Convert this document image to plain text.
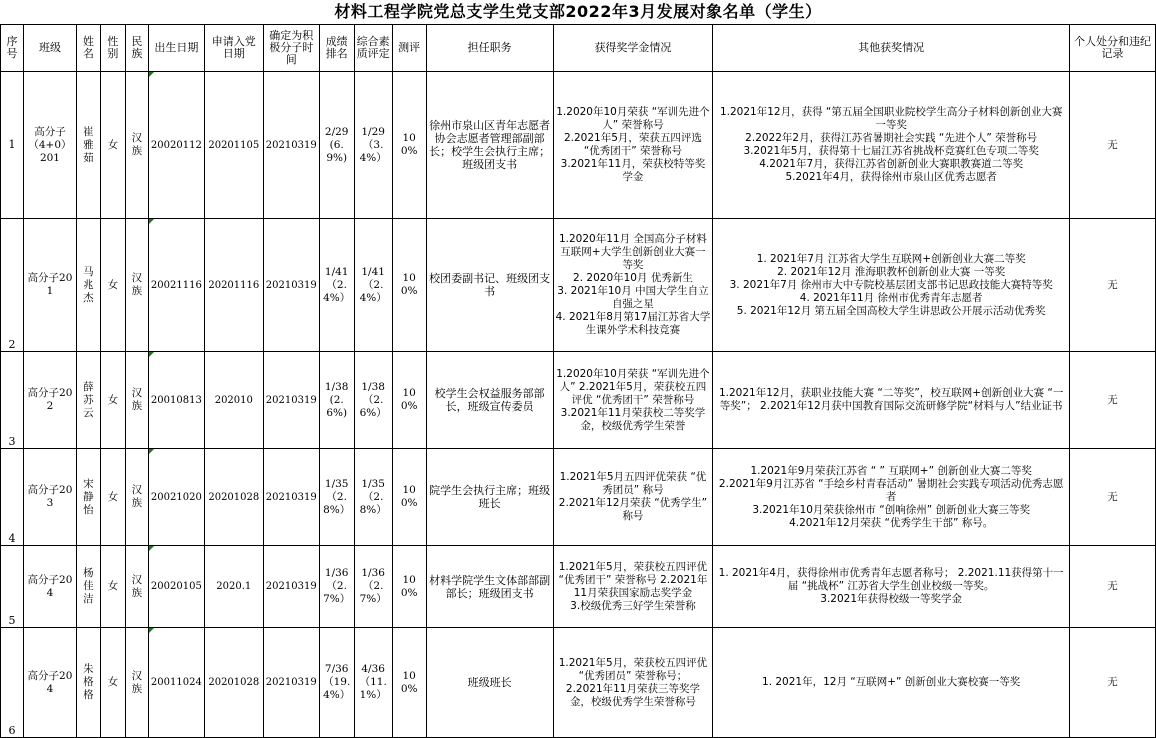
材料工程学院党总支学生党支部2022年3月发展对象名单（学生）
序号	班级	姓名	性别	民族	出生日期	申请入党日期	确定为积极分子时间	成绩排名	综合素质评定	测评	担任职务	获得奖学金情况	其他获奖情况	个人处分和违纪记录
1	高分子（4+0）201	崔雅茹	女	汉族	20020112	20201105	20210319	2/29(6.9%)	1/29（3.4%）	100%	徐州市泉山区青年志愿者协会志愿者管理部副部长；校学生会执行主席；班级团支书	1.2020年10月荣获 “军训先进个人” 荣誉称号
2.2021年5月，荣获五四评选 “优秀团干” 荣誉称号
3.2021年11月，荣获校特等奖学金	1.2021年12月，获得 “第五届全国职业院校学生高分子材料创新创业大赛一等奖
2.2022年2月，获得江苏省暑期社会实践 “先进个人” 荣誉称号
3.2021年5月，获得第十七届江苏省挑战杯竞赛红色专项二等奖
4.2021年7月，获得江苏省创新创业大赛职教赛道二等奖
5.2021年4月，获得徐州市泉山区优秀志愿者	无

2	高分子201	马兆杰	女	汉族	20021116	20201116	20210319	1/41（2.4%）	1/41（2.4%）	100%	校团委副书记、班级团支书	1.2020年11月 全国高分子材料互联网+大学生创新创业大赛一等奖
2. 2020年10月 优秀新生
3. 2021年10月 中国大学生自立自强之星
4. 2021年8月第17届江苏省大学生课外学术科技竞赛	1. 2021年7月 江苏省大学生互联网+创新创业大赛二等奖
2. 2021年12月 淮海职教杯创新创业大赛 一等奖
3. 2021年7月 徐州市大中专院校基层团支部书记思政技能大赛特等奖
4. 2021年11月 徐州市优秀青年志愿者
5. 2021年12月 第五届全国高校大学生讲思政公开展示活动优秀奖	无

3	高分子202	薛苏云	女	汉族	20010813	202010	20210319	1/38(2.6%)	1/38（2.6%）	100%	校学生会权益服务部部长，班级宣传委员	1.2020年10月荣获 “军训先进个人” 2.2021年5月，荣获校五四评优 “优秀团干” 荣誉称号
3.2021年11月荣获校二等奖学金，校级优秀学生荣誉	1.2021年12月，获职业技能大赛 “二等奖”，校互联网+创新创业大赛 “一等奖”； 2.2021年12月获中国教育国际交流研修学院“材料与人”结业证书	无

4	高分子203	宋静怡	女	汉族	20021020	20201028	20210319	1/35（2.8%）	1/35（2.8%）	100%	院学生会执行主席；班级班长	1.2021年5月五四评优荣获 “优秀团员” 称号
2.2021年12月荣获 “优秀学生” 称号	1.2021年9月荣获江苏省 “ ” 互联网+” 创新创业大赛二等奖
2.2021年9月江苏省 “手绘乡村青春活动” 暑期社会实践专项活动优秀志愿者
3.2021年10月荣获徐州市 “创响徐州” 创新创业大赛三等奖
4.2021年12月荣获 “优秀学生干部” 称号。	无

5	高分子204	杨佳洁	女	汉族	20020105	2020.1	20210319	1/36（2.7%）	1/36（2.7%）	100%	材料学院学生文体部部副部长；班级团支书	1.2021年5月，荣获校五四评优 “优秀团干” 荣誉称号 2.2021年11月荣获国家励志奖学金
3.校级优秀三好学生荣誉称	1. 2021年4月，获得徐州市优秀青年志愿者称号； 2.2021.11获得第十一届 “挑战杯” 江苏省大学生创业校级一等奖。
3.2021年获得校级一等奖学金	无

6	高分子204	朱格格	女	汉族	20011024	20201028	20210319	7/36（19.4%）	4/36（11.1%）	100%	班级班长	1.2021年5月，荣获校五四评优 “优秀团员” 荣誉称号；
2.2021年11月荣获三等奖学金，校级优秀学生荣誉称号	1. 2021年，12月 “互联网+” 创新创业大赛校赛一等奖	无
